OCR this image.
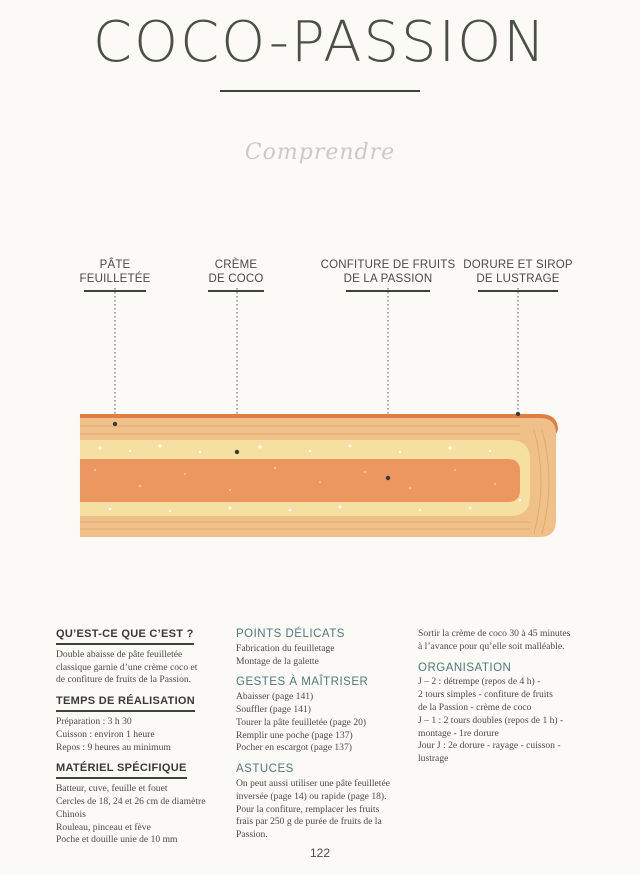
COCO-PASSION
Comprendre
PÂTE
FEUILLETÉE
CRÈME
DE COCO
CONFITURE DE FRUITS
DE LA PASSION
DORURE ET SIROP
DE LUSTRAGE
QU’EST-CE QUE C’EST ?
Double abaisse de pâte feuilletée
classique garnie d’une crème coco et
de confiture de fruits de la Passion.
TEMPS DE RÉALISATION
Préparation : 3 h 30
Cuisson : environ 1 heure
Repos : 9 heures au minimum
MATÉRIEL SPÉCIFIQUE
Batteur, cuve, feuille et fouet
Cercles de 18, 24 et 26 cm de diamètre
Chinois
Rouleau, pinceau et fève
Poche et douille unie de 10 mm
POINTS DÉLICATS
Fabrication du feuilletage
Montage de la galette
GESTES À MAÎTRISER
Abaisser (page 141)
Souffler (page 141)
Tourer la pâte feuilletée (page 20)
Remplir une poche (page 137)
Pocher en escargot (page 137)
ASTUCES
On peut aussi utiliser une pâte feuilletée
inversée (page 14) ou rapide (page 18).
Pour la confiture, remplacer les fruits
frais par 250 g de purée de fruits de la
Passion.
Sortir la crème de coco 30 à 45 minutes
à l’avance pour qu’elle soit malléable.
ORGANISATION
J – 2 : détrempe (repos de 4 h) -
2 tours simples - confiture de fruits
de la Passion - crème de coco
J – 1 : 2 tours doubles (repos de 1 h) -
montage - 1re dorure
Jour J : 2e dorure - rayage - cuisson -
lustrage
122
